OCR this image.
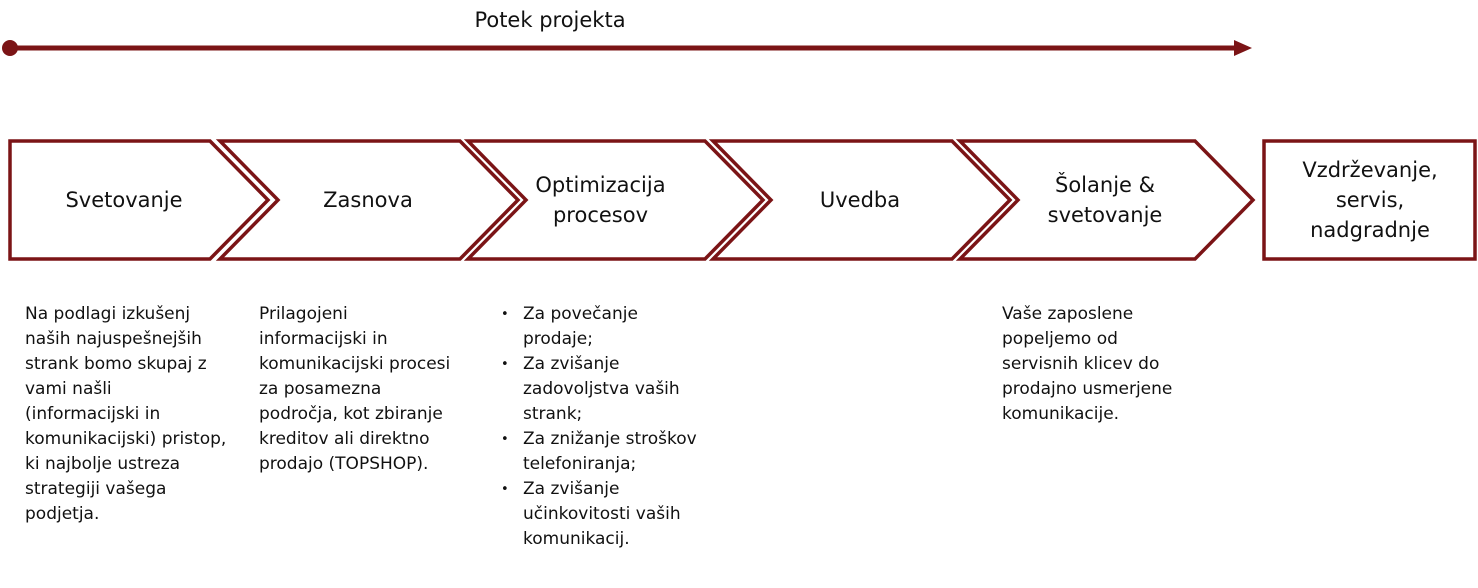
Potek projekta
Svetovanje	Zasnova
Optimizacija procesov
Uvedba
Šolanje & svetovanje
Vzdrževanje, servis, nadgradnje
Na podlagi izkušenj naših najuspešnejših strank bomo skupaj z vami našli (informacijski in komunikacijski) pristop, ki najbolje ustreza strategiji vašega podjetja.
Prilagojeni informacijski in komunikacijski procesi za posamezna področja, kot zbiranje kreditov ali direktno prodajo (TOPSHOP).
• Za povečanje prodaje;
• Za zvišanje zadovoljstva vaših strank;
• Za znižanje stroškov telefoniranja;
• Za zvišanje učinkovitosti vaših komunikacij.
Vaše zaposlene popeljemo od servisnih klicev do prodajno usmerjene komunikacije.
